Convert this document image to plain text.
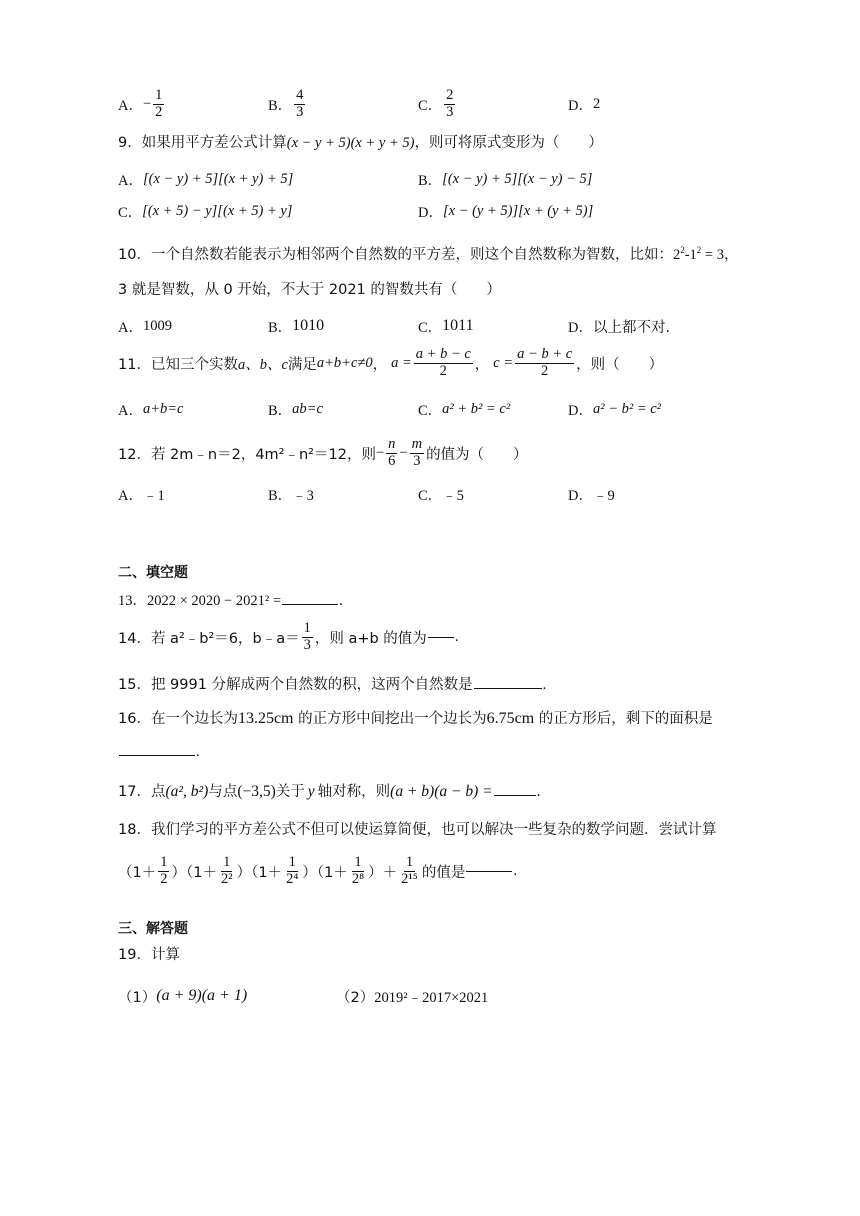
A． − $\frac{1}{2}$	B． $\frac{4}{3}$	C． $\frac{2}{3}$	D． 2
9．如果用平方差公式计算(x − y + 5)(x + y + 5)，则可将原式变形为（　　）
A． [(x − y) + 5][(x + y) + 5]	B． [(x − y) + 5][(x − y) − 5]
C． [(x + 5) − y][(x + 5) + y]	D． [x − (y + 5)][x + (y + 5)]
10．一个自然数若能表示为相邻两个自然数的平方差，则这个自然数称为智数，比如：$2^2-1^2 = 3$，
3 就是智数，从 0 开始，不大于 2021 的智数共有（　　）
A． 1009	B． 1010	C． 1011	D． 以上都不对．
11．已知三个实数 a、b、c 满足 a+b+c≠0 ， $a = \frac{a + b - c}{2}$ ， $c = \frac{a - b + c}{2}$ ，则（　　）
A． a+b=c	B． ab=c	C． a² + b² = c²	D． a² − b² = c²
12．若 2m﹣n＝2，4m²﹣n²＝12，则 − $\frac{n}{6} - \frac{m}{3}$ 的值为（　　）
A． ﹣1	B． ﹣3	C． ﹣5	D． ﹣9
二、填空题
13．2022 × 2020 − 2021² =	.
14．若 a²﹣b²＝6，b﹣a＝ $\frac{1}{3}$ ，则 a+b 的值为 .
15．把 9991 分解成两个自然数的积，这两个自然数是	.
16．在一个边长为13.25cm 的正方形中间挖出一个边长为6.75cm 的正方形后，剩下的面积是
.
17．点(a², b²)与点(−3,5)关于 y 轴对称，则(a + b)(a − b) =	.
18．我们学习的平方差公式不但可以使运算简便，也可以解决一些复杂的数学问题．尝试计算
$(1+ \frac{1}{2} )(1+ \frac{1}{\text{2²}} )(1+ \frac{1}{\text{2⁴}} )(1+ \frac{1}{\text{2⁸}}$ ）＋ $\frac{1}{\text{2¹⁵}}$ 的值是	.
三、解答题
19．计算
（1） (a + 9)(a + 1)	（2） 2019²﹣2017×2021
